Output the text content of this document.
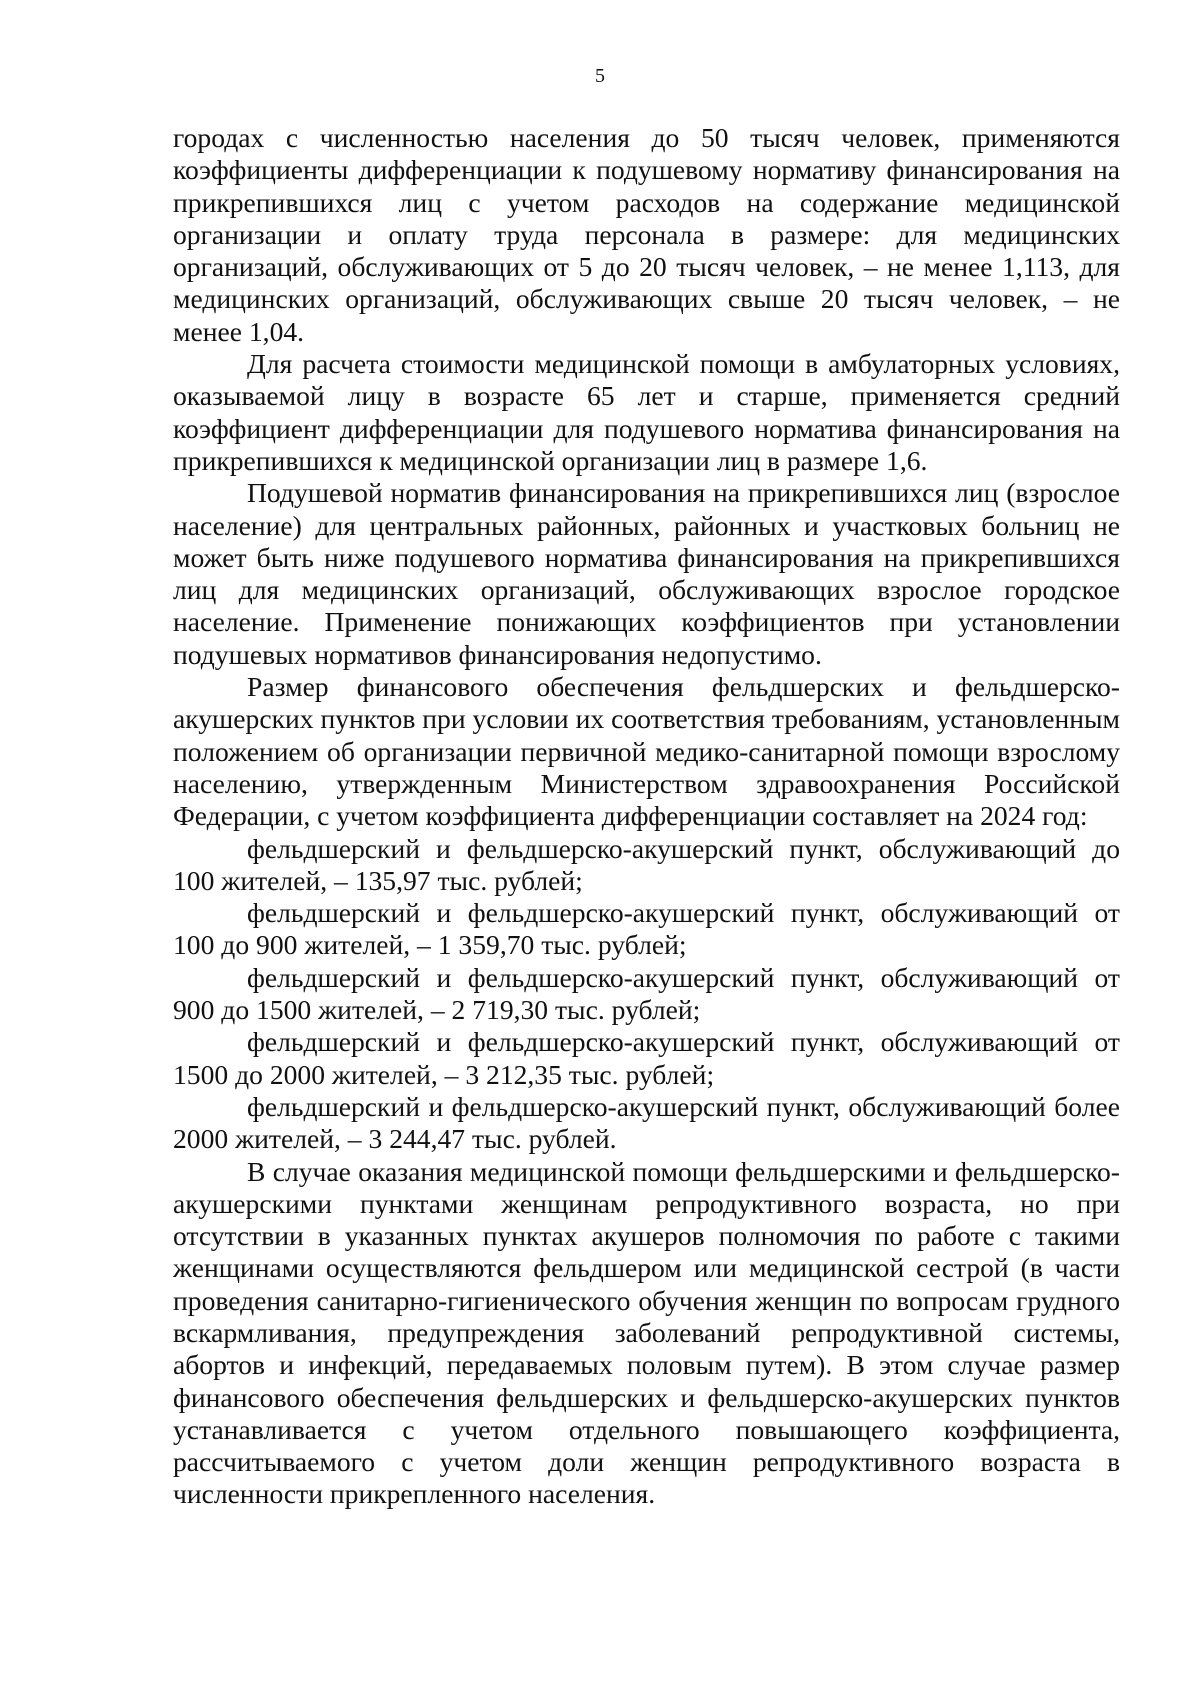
5

городах с численностью населения до 50 тысяч человек, применяются коэффициенты дифференциации к подушевому нормативу финансирования на прикрепившихся лиц с учетом расходов на содержание медицинской организации и оплату труда персонала в размере: для медицинских организаций, обслуживающих от 5 до 20 тысяч человек, – не менее 1,113, для медицинских организаций, обслуживающих свыше 20 тысяч человек, – не менее 1,04.

Для расчета стоимости медицинской помощи в амбулаторных условиях, оказываемой лицу в возрасте 65 лет и старше, применяется средний коэффициент дифференциации для подушевого норматива финансирования на прикрепившихся к медицинской организации лиц в размере 1,6.

Подушевой норматив финансирования на прикрепившихся лиц (взрослое население) для центральных районных, районных и участковых больниц не может быть ниже подушевого норматива финансирования на прикрепившихся лиц для медицинских организаций, обслуживающих взрослое городское население. Применение понижающих коэффициентов при установлении подушевых нормативов финансирования недопустимо.

Размер финансового обеспечения фельдшерских и фельдшерско-акушерских пунктов при условии их соответствия требованиям, установленным положением об организации первичной медико-санитарной помощи взрослому населению, утвержденным Министерством здравоохранения Российской Федерации, с учетом коэффициента дифференциации составляет на 2024 год:

фельдшерский и фельдшерско-акушерский пункт, обслуживающий до 100 жителей, – 135,97 тыс. рублей;

фельдшерский и фельдшерско-акушерский пункт, обслуживающий от 100 до 900 жителей, – 1 359,70 тыс. рублей;

фельдшерский и фельдшерско-акушерский пункт, обслуживающий от 900 до 1500 жителей, – 2 719,30 тыс. рублей;

фельдшерский и фельдшерско-акушерский пункт, обслуживающий от 1500 до 2000 жителей, – 3 212,35 тыс. рублей;

фельдшерский и фельдшерско-акушерский пункт, обслуживающий более 2000 жителей, – 3 244,47 тыс. рублей.

В случае оказания медицинской помощи фельдшерскими и фельдшерско-акушерскими пунктами женщинам репродуктивного возраста, но при отсутствии в указанных пунктах акушеров полномочия по работе с такими женщинами осуществляются фельдшером или медицинской сестрой (в части проведения санитарно-гигиенического обучения женщин по вопросам грудного вскармливания, предупреждения заболеваний репродуктивной системы, абортов и инфекций, передаваемых половым путем). В этом случае размер финансового обеспечения фельдшерских и фельдшерско-акушерских пунктов устанавливается с учетом отдельного повышающего коэффициента, рассчитываемого с учетом доли женщин репродуктивного возраста в численности прикрепленного населения.
